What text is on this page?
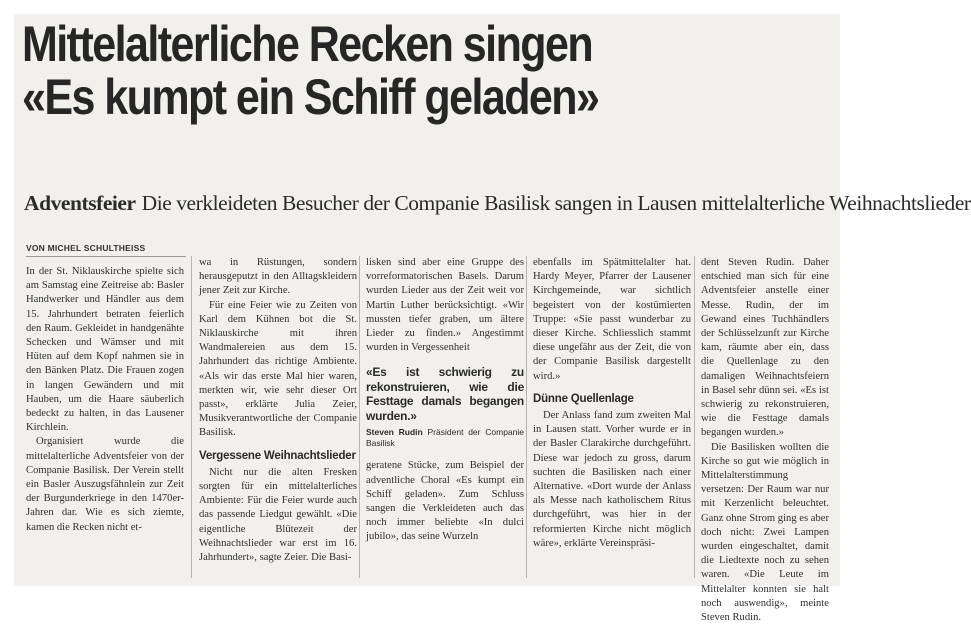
Mittelalterliche Recken singen
«Es kumpt ein Schiff geladen»
Adventsfeier Die verkleideten Besucher der Companie Basilisk sangen in Lausen mittelalterliche Weihnachtslieder
VON MICHEL SCHULTHEISS

In der St. Niklauskirche spielte sich am Samstag eine Zeitreise ab: Basler Handwerker und Händler aus dem 15. Jahrhundert betraten feierlich den Raum. Gekleidet in handgenähte Schecken und Wämser und mit Hüten auf dem Kopf nahmen sie in den Bänken Platz. Die Frauen zogen in langen Gewändern und mit Hauben, um die Haare säuberlich bedeckt zu halten, in das Lausener Kirchlein.

Organisiert wurde die mittelalterliche Adventsfeier von der Companie Basilisk. Der Verein stellt ein Basler Auszugsfähnlein zur Zeit der Burgunderkriege in den 1470er-Jahren dar. Wie es sich ziemte, kamen die Recken nicht et-

wa in Rüstungen, sondern herausgeputzt in den Alltagskleidern jener Zeit zur Kirche.

Für eine Feier wie zu Zeiten von Karl dem Kühnen bot die St. Niklauskirche mit ihren Wandmalereien aus dem 15. Jahrhundert das richtige Ambiente. «Als wir das erste Mal hier waren, merkten wir, wie sehr dieser Ort passt», erklärte Julia Zeier, Musikverantwortliche der Companie Basilisk.

Vergessene Weihnachtslieder

Nicht nur die alten Fresken sorgten für ein mittelalterliches Ambiente: Für die Feier wurde auch das passende Liedgut gewählt. «Die eigentliche Blütezeit der Weihnachtslieder war erst im 16. Jahrhundert», sagte Zeier. Die Basi-

lisken sind aber eine Gruppe des vorreformatorischen Basels. Darum wurden Lieder aus der Zeit weit vor Martin Luther berücksichtigt. «Wir mussten tiefer graben, um ältere Lieder zu finden.» Angestimmt wurden in Vergessenheit

«Es ist schwierig zu rekonstruieren, wie die Festtage damals begangen wurden.»
Steven Rudin Präsident der Companie Basilisk

geratene Stücke, zum Beispiel der adventliche Choral «Es kumpt ein Schiff geladen». Zum Schluss sangen die Verkleideten auch das noch immer beliebte «In dulci jubilo», das seine Wurzeln

ebenfalls im Spätmittelalter hat. Hardy Meyer, Pfarrer der Lausener Kirchgemeinde, war sichtlich begeistert von der kostümierten Truppe: «Sie passt wunderbar zu dieser Kirche. Schliesslich stammt diese ungefähr aus der Zeit, die von der Companie Basilisk dargestellt wird.»

Dünne Quellenlage

Der Anlass fand zum zweiten Mal in Lausen statt. Vorher wurde er in der Basler Clarakirche durchgeführt. Diese war jedoch zu gross, darum suchten die Basilisken nach einer Alternative. «Dort wurde der Anlass als Messe nach katholischem Ritus durchgeführt, was hier in der reformierten Kirche nicht möglich wäre», erklärte Vereinspräsi-

dent Steven Rudin. Daher entschied man sich für eine Adventsfeier anstelle einer Messe. Rudin, der im Gewand eines Tuchhändlers der Schlüsselzunft zur Kirche kam, räumte aber ein, dass die Quellenlage zu den damaligen Weihnachtsfeiern in Basel sehr dünn sei. «Es ist schwierig zu rekonstruieren, wie die Festtage damals begangen wurden.»

Die Basilisken wollten die Kirche so gut wie möglich in Mittelalterstimmung versetzen: Der Raum war nur mit Kerzenlicht beleuchtet. Ganz ohne Strom ging es aber doch nicht: Zwei Lampen wurden eingeschaltet, damit die Liedtexte noch zu sehen waren. «Die Leute im Mittelalter konnten sie halt noch auswendig», meinte Steven Rudin.
